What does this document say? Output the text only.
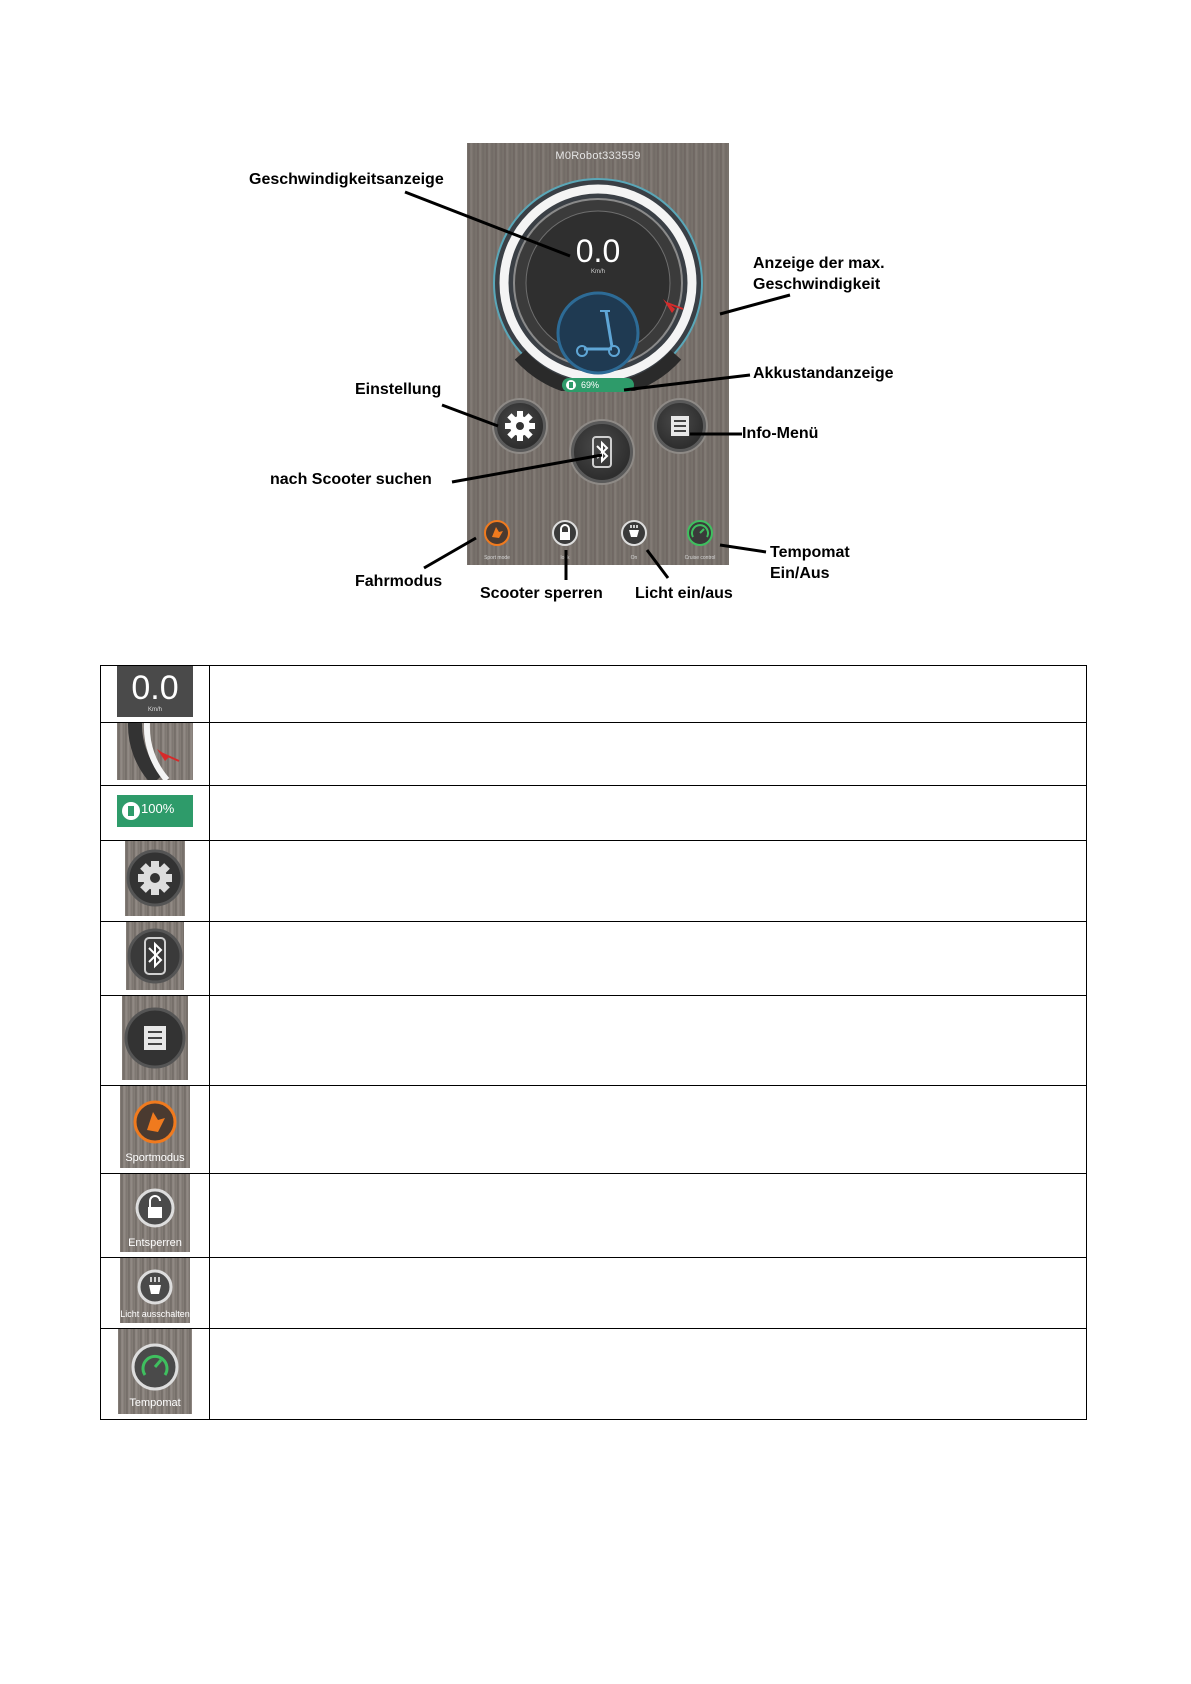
M0Robot333559
0.0
Km/h
69%
Sport mode	lock	On	Cruise control
Geschwindigkeitsanzeige
Anzeige der max.
Geschwindigkeit
Akkustandanzeige
Einstellung
Info-Menü
nach Scooter suchen
Fahrmodus
Scooter sperren Licht ein/aus
Tempomat
Ein/Aus
0.0
Km/h	

100%	

Sportmodus	

Entsperren	

Licht ausschalten	

Tempomat	
